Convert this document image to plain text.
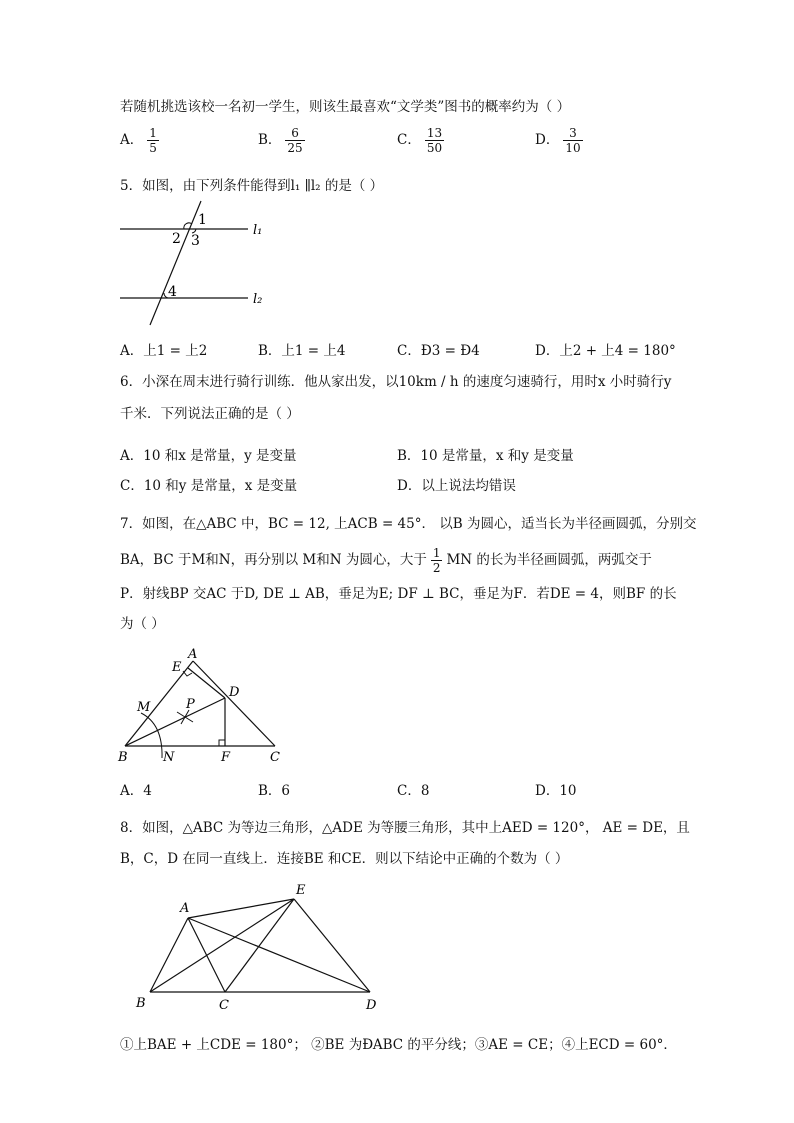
若随机挑选该校一名初一学生，则该生最喜欢“文学类”图书的概率约为（ ）
A． $\frac{1}{5}$	B． $\frac{6}{25}$	C． $\frac{13}{50}$	D． $\frac{3}{10}$
5．如图，由下列条件能得到l₁ ∥l₂ 的是（ ）
1
2 3
4
l₁
l₂
A．上1 = 上2	B．上1 = 上4	C．Ð3 = Ð4	D．上2 + 上4 = 180°
6．小深在周末进行骑行训练．他从家出发，以10km / h 的速度匀速骑行，用时x 小时骑行y
千米．下列说法正确的是（ ）
A．10 和x 是常量，y 是变量	B．10 是常量，x 和y 是变量
C．10 和y 是常量，x 是变量	D．以上说法均错误
7．如图，在△ABC 中，BC = 12, 上ACB = 45°． 以B 为圆心，适当长为半径画圆弧，分别交
BA，BC 于M和N，再分别以 M和N 为圆心，大于 $\frac{1}{2}$ MN 的长为半径画圆弧，两弧交于
P．射线BP 交AC 于D, DE ⊥ AB，垂足为E; DF ⊥ BC，垂足为F．若DE = 4，则BF 的长
为（ ）
A
B	C
D
E
F
M
N
P
A．4	B．6	C．8	D．10
8．如图，△ABC 为等边三角形，△ADE 为等腰三角形，其中上AED = 120°， AE = DE，且
B，C，D 在同一直线上．连接BE 和CE．则以下结论中正确的个数为（ ）
A
B	C	D
E
①上BAE + 上CDE = 180°； ②BE 为ÐABC 的平分线；③AE = CE；④上ECD = 60°．
